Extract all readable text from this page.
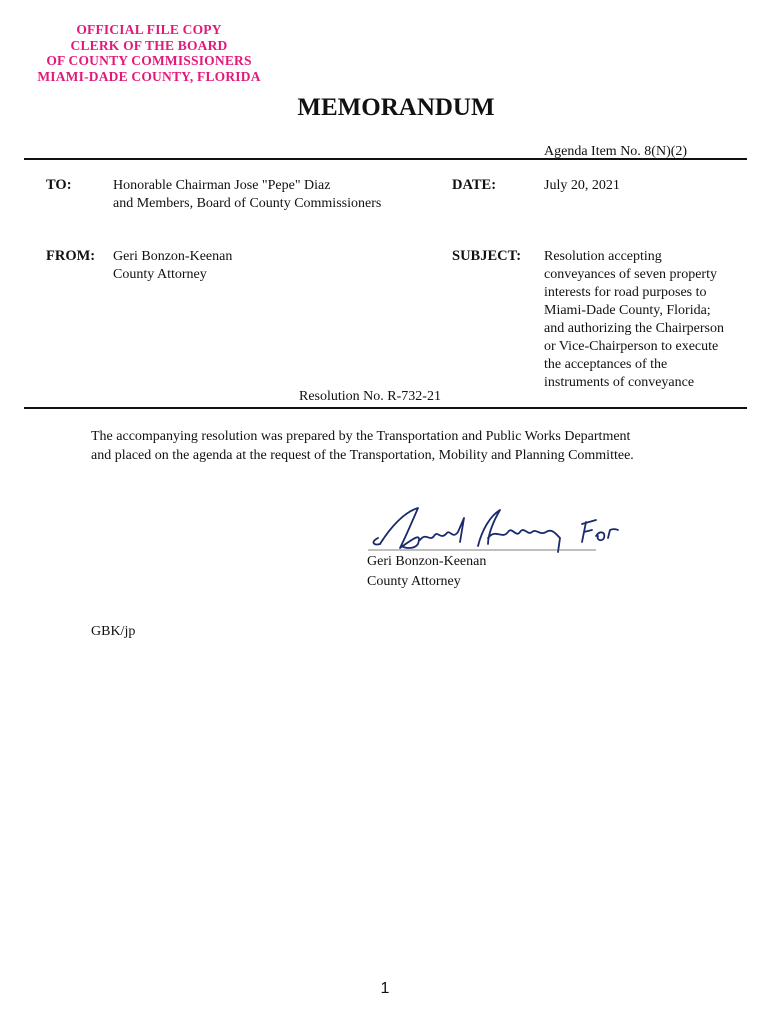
OFFICIAL FILE COPY
CLERK OF THE BOARD
OF COUNTY COMMISSIONERS
MIAMI-DADE COUNTY, FLORIDA
MEMORANDUM
Agenda Item No. 8(N)(2)
TO:	Honorable Chairman Jose "Pepe" Diaz
and Members, Board of County Commissioners
DATE:	July 20, 2021
FROM: Geri Bonzon-Keenan
County Attorney
SUBJECT: Resolution accepting
conveyances of seven property
interests for road purposes to
Miami-Dade County, Florida;
and authorizing the Chairperson
or Vice-Chairperson to execute
the acceptances of the
instruments of conveyance
Resolution No. R-732-21
The accompanying resolution was prepared by the Transportation and Public Works Department
and placed on the agenda at the request of the Transportation, Mobility and Planning Committee.
Geri Bonzon-Keenan
County Attorney
GBK/jp
1
